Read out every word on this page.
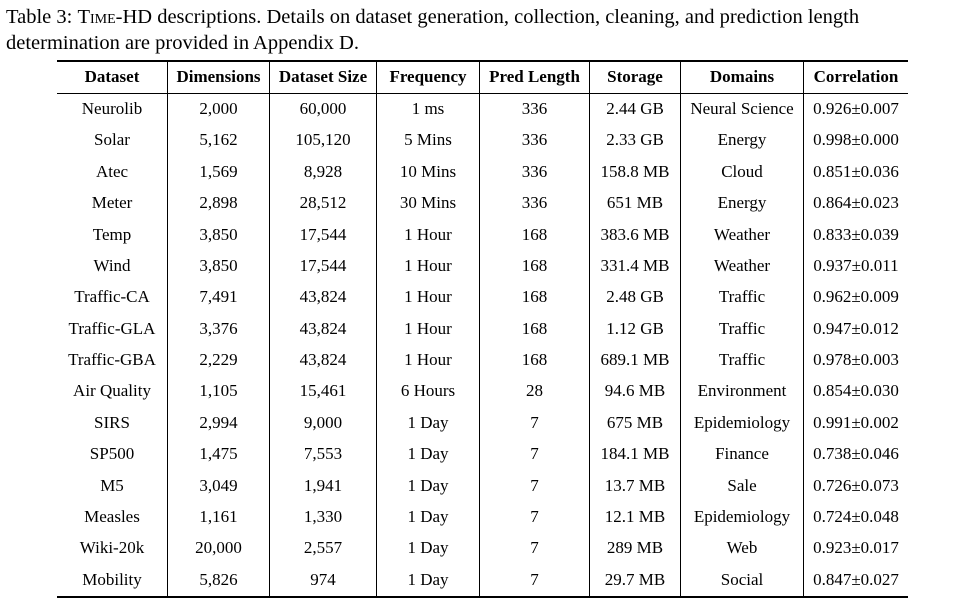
Table 3: Time-HD descriptions. Details on dataset generation, collection, cleaning, and prediction length determination are provided in Appendix D.
Dataset	Dimensions	Dataset Size	Frequency	Pred Length	Storage	Domains	Correlation
Neurolib	2,000	60,000	1 ms	336	2.44 GB	Neural Science	0.926±0.007
Solar	5,162	105,120	5 Mins	336	2.33 GB	Energy	0.998±0.000
Atec	1,569	8,928	10 Mins	336	158.8 MB	Cloud	0.851±0.036
Meter	2,898	28,512	30 Mins	336	651 MB	Energy	0.864±0.023
Temp	3,850	17,544	1 Hour	168	383.6 MB	Weather	0.833±0.039
Wind	3,850	17,544	1 Hour	168	331.4 MB	Weather	0.937±0.011
Traffic-CA	7,491	43,824	1 Hour	168	2.48 GB	Traffic	0.962±0.009
Traffic-GLA	3,376	43,824	1 Hour	168	1.12 GB	Traffic	0.947±0.012
Traffic-GBA	2,229	43,824	1 Hour	168	689.1 MB	Traffic	0.978±0.003
Air Quality	1,105	15,461	6 Hours	28	94.6 MB	Environment	0.854±0.030
SIRS	2,994	9,000	1 Day	7	675 MB	Epidemiology	0.991±0.002
SP500	1,475	7,553	1 Day	7	184.1 MB	Finance	0.738±0.046
M5	3,049	1,941	1 Day	7	13.7 MB	Sale	0.726±0.073
Measles	1,161	1,330	1 Day	7	12.1 MB	Epidemiology	0.724±0.048
Wiki-20k	20,000	2,557	1 Day	7	289 MB	Web	0.923±0.017
Mobility	5,826	974	1 Day	7	29.7 MB	Social	0.847±0.027
